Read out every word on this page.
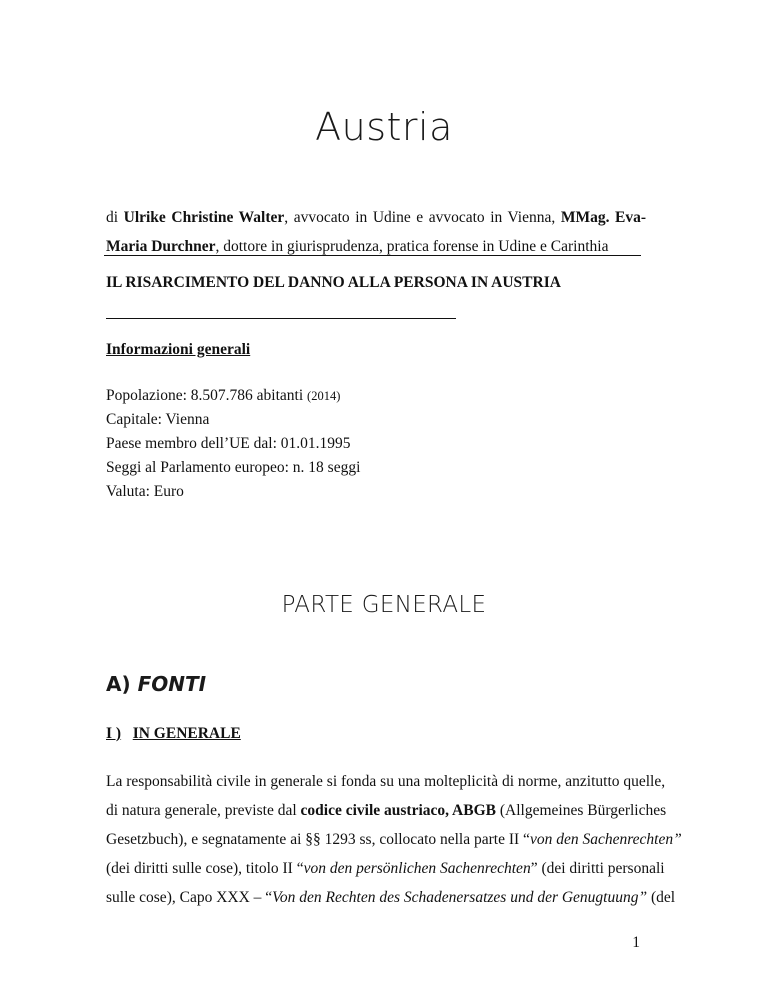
Austria
di Ulrike Christine Walter, avvocato in Udine e avvocato in Vienna, MMag. Eva-Maria Durchner, dottore in giurisprudenza, pratica forense in Udine e Carinthia
IL RISARCIMENTO DEL DANNO ALLA PERSONA IN AUSTRIA
Informazioni generali
Popolazione: 8.507.786 abitanti (2014)
Capitale: Vienna
Paese membro dell’UE dal: 01.01.1995
Seggi al Parlamento europeo: n. 18 seggi
Valuta: Euro
PARTE GENERALE
A) FONTI
I ) IN GENERALE
La responsabilità civile in generale si fonda su una molteplicità di norme, anzitutto quelle,
di natura generale, previste dal codice civile austriaco, ABGB (Allgemeines Bürgerliches
Gesetzbuch), e segnatamente ai §§ 1293 ss, collocato nella parte II “von den Sachenrechten”
(dei diritti sulle cose), titolo II “von den persönlichen Sachenrechten” (dei diritti personali
sulle cose), Capo XXX – “Von den Rechten des Schadenersatzes und der Genugtuung” (del
1
